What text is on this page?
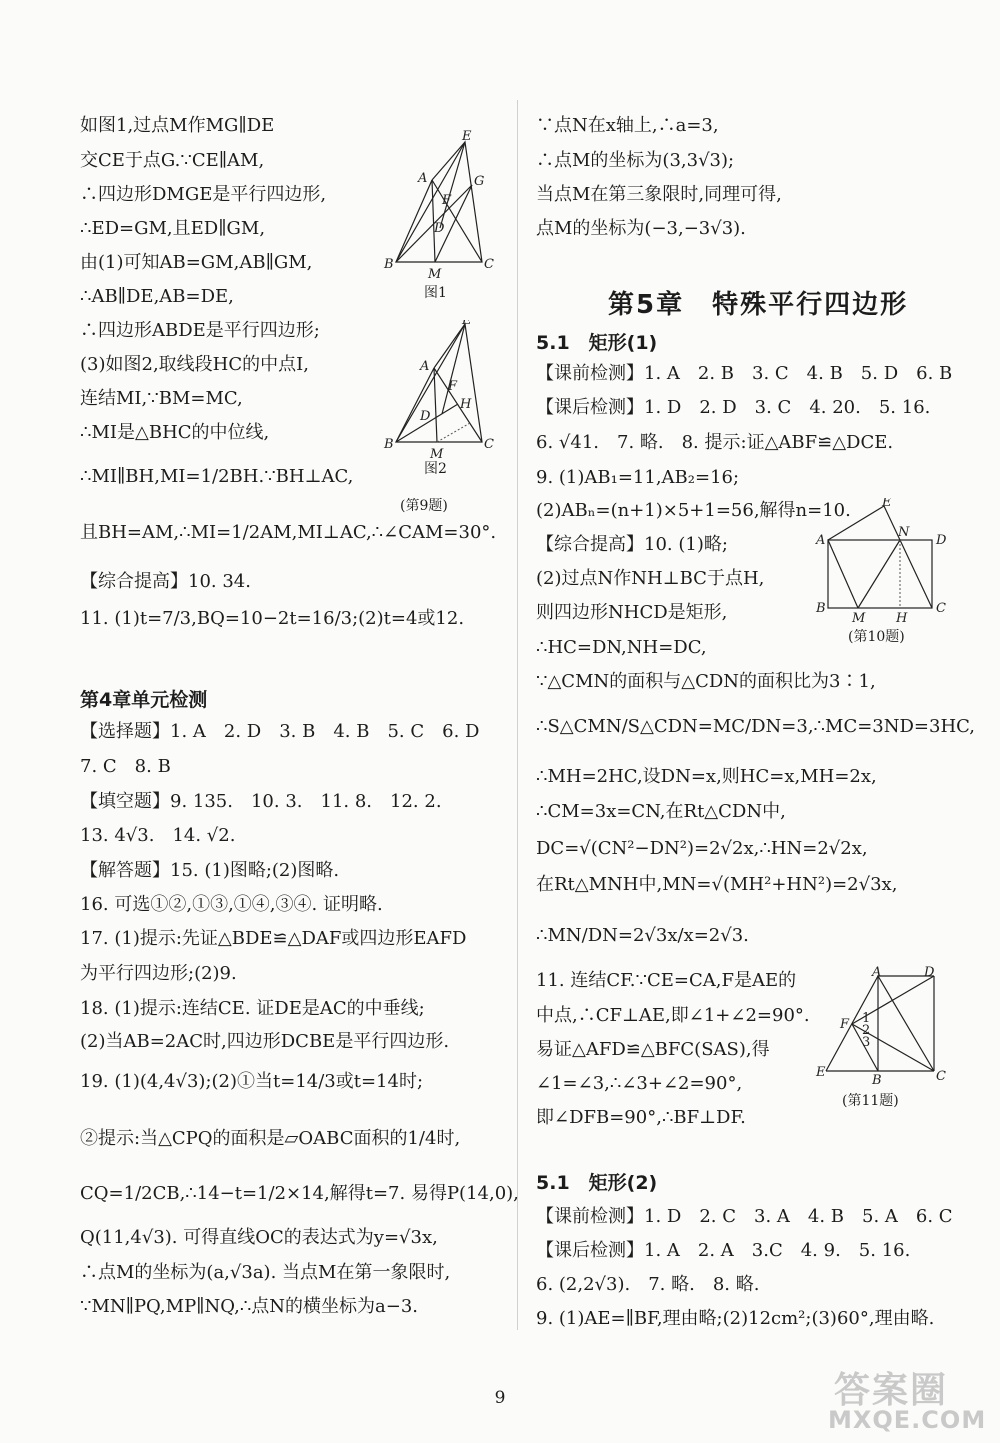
如图1,过点M作MG∥DE
交CE于点G.∵CE∥AM,
∴四边形DMGE是平行四边形,
∴ED=GM,且ED∥GM,
由(1)可知AB=GM,AB∥GM,
∴AB∥DE,AB=DE,
∴四边形ABDE是平行四边形;
(3)如图2,取线段HC的中点I,
连结MI,∵BM=MC,
∴MI是△BHC的中位线,
∴MI∥BH,MI=1/2BH.∵BH⊥AC,
且BH=AM,∴MI=1/2AM,MI⊥AC,∴∠CAM=30°.
【综合提高】10. 34.
11. (1)t=7/3,BQ=10−2t=16/3;(2)t=4或12.
第4章单元检测
【选择题】1. A　2. D　3. B　4. B　5. C　6. D
7. C　8. B
【填空题】9. 135.　10. 3.　11. 8.　12. 2.
13. 4√3.　14. √2.
【解答题】15. (1)图略;(2)图略.
16. 可选①②,①③,①④,③④. 证明略.
17. (1)提示:先证△BDE≌△DAF或四边形EAFD
为平行四边形;(2)9.
18. (1)提示:连结CE. 证DE是AC的中垂线;
(2)当AB=2AC时,四边形DCBE是平行四边形.
19. (1)(4,4√3);(2)①当t=14/3或t=14时;
②提示:当△CPQ的面积是▱OABC面积的1/4时,
CQ=1/2CB,∴14−t=1/2×14,解得t=7. 易得P(14,0),
Q(11,4√3). 可得直线OC的表达式为y=√3x,
∴点M的坐标为(a,√3a). 当点M在第一象限时,
∵MN∥PQ,MP∥NQ,∴点N的横坐标为a−3.
B	C
E
A	G
F
D
M
图1
B	C
E
A
F
H
D
M
图2
(第9题)
∵点N在x轴上,∴a=3,
∴点M的坐标为(3,3√3);
当点M在第三象限时,同理可得,
点M的坐标为(−3,−3√3).
第5章　特殊平行四边形
5.1　矩形(1)
【课前检测】1. A　2. B　3. C　4. B　5. D　6. B
【课后检测】1. D　2. D　3. C　4. 20.　5. 16.
6. √41.　7. 略.　8. 提示:证△ABF≌△DCE.
9. (1)AB₁=11,AB₂=16;
(2)ABₙ=(n+1)×5+1=56,解得n=10.
【综合提高】10. (1)略;
(2)过点N作NH⊥BC于点H,
则四边形NHCD是矩形,
∴HC=DN,NH=DC,
∵△CMN的面积与△CDN的面积比为3∶1,
∴S△CMN/S△CDN=MC/DN=3,∴MC=3ND=3HC,
∴MH=2HC,设DN=x,则HC=x,MH=2x,
∴CM=3x=CN,在Rt△CDN中,
DC=√(CN²−DN²)=2√2x,∴HN=2√2x,
在Rt△MNH中,MN=√(MH²+HN²)=2√3x,
∴MN/DN=2√3x/x=2√3.
11. 连结CF.∵CE=CA,F是AE的
中点,∴CF⊥AE,即∠1+∠2=90°.
易证△AFD≌△BFC(SAS),得
∠1=∠3,∴∠3+∠2=90°,
即∠DFB=90°,∴BF⊥DF.
5.1　矩形(2)
【课前检测】1. D　2. C　3. A　4. B　5. A　6. C
【课后检测】1. A　2. A　3.C　4. 9.　5. 16.
6. (2,2√3).　7. 略.　8. 略.
9. (1)AE=∥BF,理由略;(2)12cm²;(3)60°,理由略.
A	D
E
N
B	C
M H
(第10题)
A	D
F
E
B	C
1
2
3
(第11题)
9	答案圈
MXQE.COM
